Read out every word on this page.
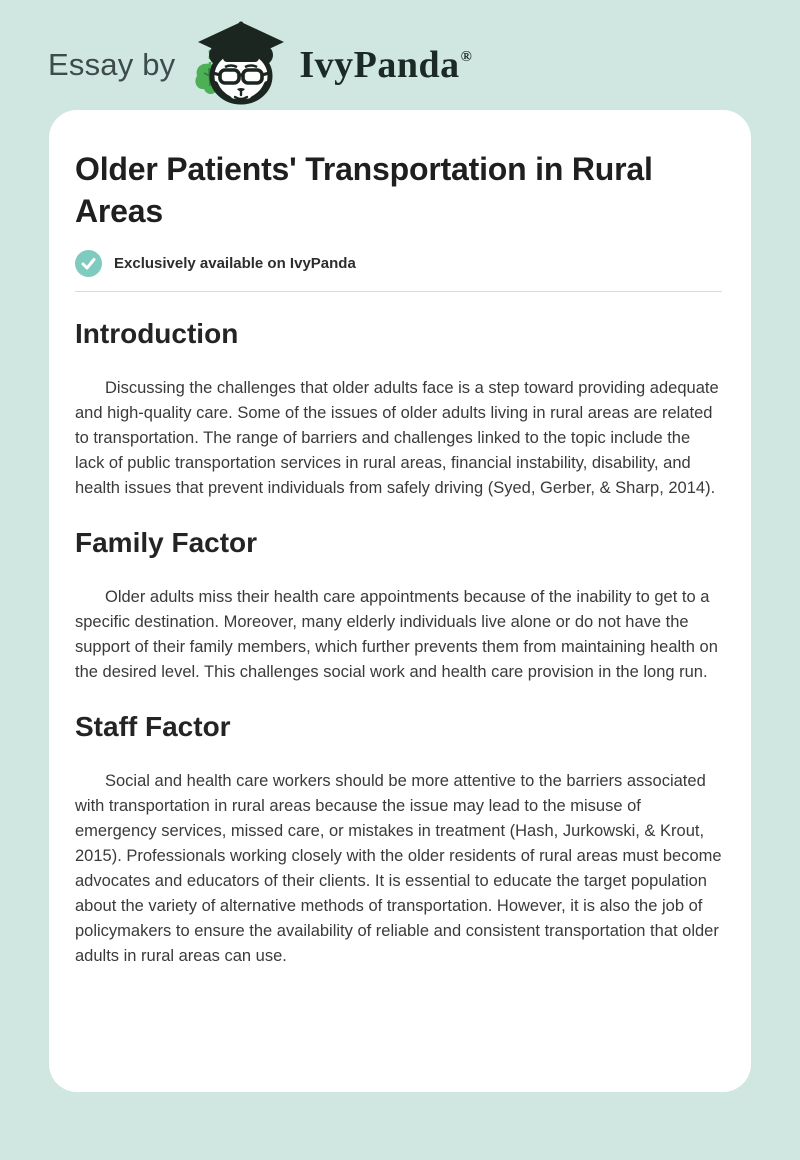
Essay by	IvyPanda®
Older Patients' Transportation in Rural Areas
Exclusively available on IvyPanda
Introduction

Discussing the challenges that older adults face is a step toward providing adequate and high-quality care. Some of the issues of older adults living in rural areas are related to transportation. The range of barriers and challenges linked to the topic include the lack of public transportation services in rural areas, financial instability, disability, and health issues that prevent individuals from safely driving (Syed, Gerber, & Sharp, 2014).

Family Factor

Older adults miss their health care appointments because of the inability to get to a specific destination. Moreover, many elderly individuals live alone or do not have the support of their family members, which further prevents them from maintaining health on the desired level. This challenges social work and health care provision in the long run.

Staff Factor

Social and health care workers should be more attentive to the barriers associated with transportation in rural areas because the issue may lead to the misuse of emergency services, missed care, or mistakes in treatment (Hash, Jurkowski, & Krout, 2015). Professionals working closely with the older residents of rural areas must become advocates and educators of their clients. It is essential to educate the target population about the variety of alternative methods of transportation. However, it is also the job of policymakers to ensure the availability of reliable and consistent transportation that older adults in rural areas can use.
